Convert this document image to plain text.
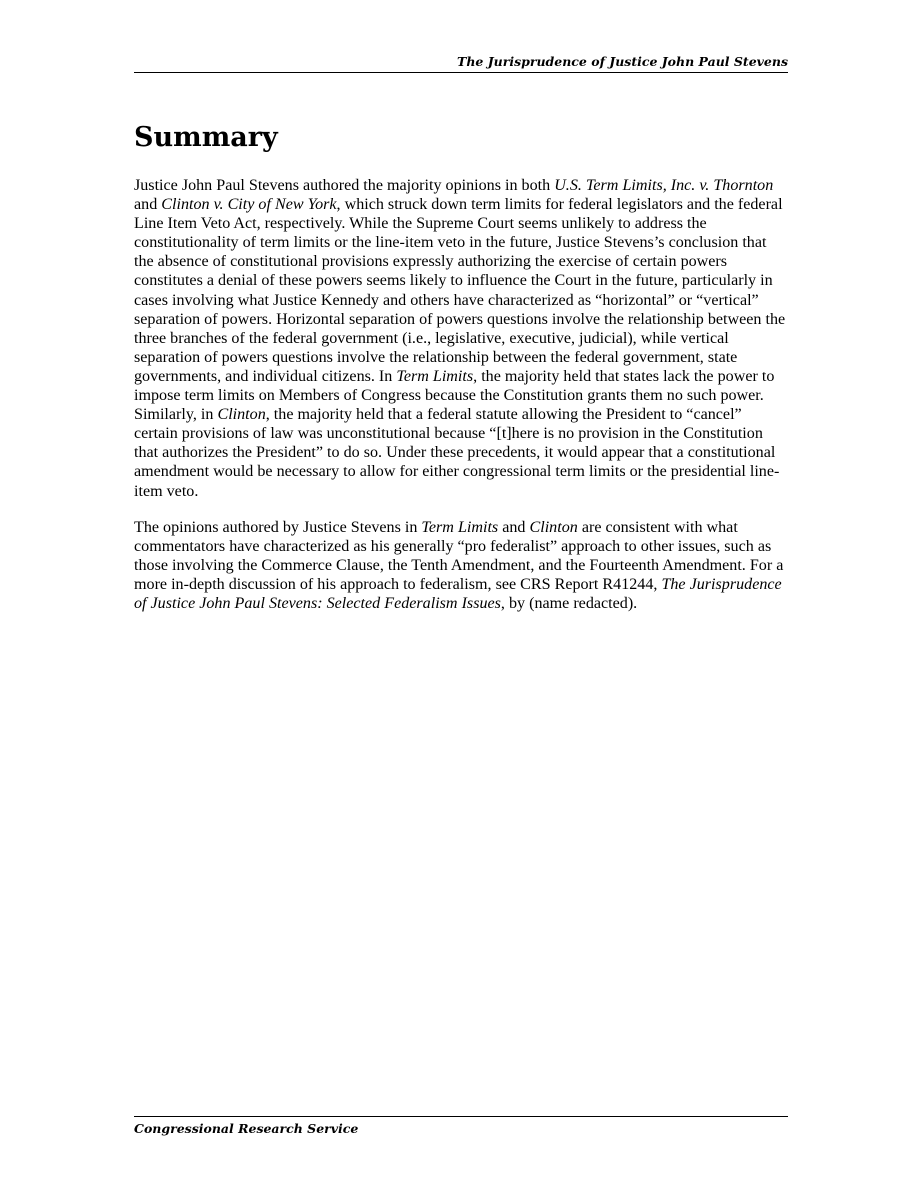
The Jurisprudence of Justice John Paul Stevens
Summary

Justice John Paul Stevens authored the majority opinions in both U.S. Term Limits, Inc. v. Thornton and Clinton v. City of New York, which struck down term limits for federal legislators and the federal Line Item Veto Act, respectively. While the Supreme Court seems unlikely to address the constitutionality of term limits or the line-item veto in the future, Justice Stevens’s conclusion that the absence of constitutional provisions expressly authorizing the exercise of certain powers constitutes a denial of these powers seems likely to influence the Court in the future, particularly in cases involving what Justice Kennedy and others have characterized as “horizontal” or “vertical” separation of powers. Horizontal separation of powers questions involve the relationship between the three branches of the federal government (i.e., legislative, executive, judicial), while vertical separation of powers questions involve the relationship between the federal government, state governments, and individual citizens. In Term Limits, the majority held that states lack the power to impose term limits on Members of Congress because the Constitution grants them no such power. Similarly, in Clinton, the majority held that a federal statute allowing the President to “cancel” certain provisions of law was unconstitutional because “[t]here is no provision in the Constitution that authorizes the President” to do so. Under these precedents, it would appear that a constitutional amendment would be necessary to allow for either congressional term limits or the presidential line-item veto.

The opinions authored by Justice Stevens in Term Limits and Clinton are consistent with what commentators have characterized as his generally “pro federalist” approach to other issues, such as those involving the Commerce Clause, the Tenth Amendment, and the Fourteenth Amendment. For a more in-depth discussion of his approach to federalism, see CRS Report R41244, The Jurisprudence of Justice John Paul Stevens: Selected Federalism Issues, by (name redacted).

Congressional Research Service
